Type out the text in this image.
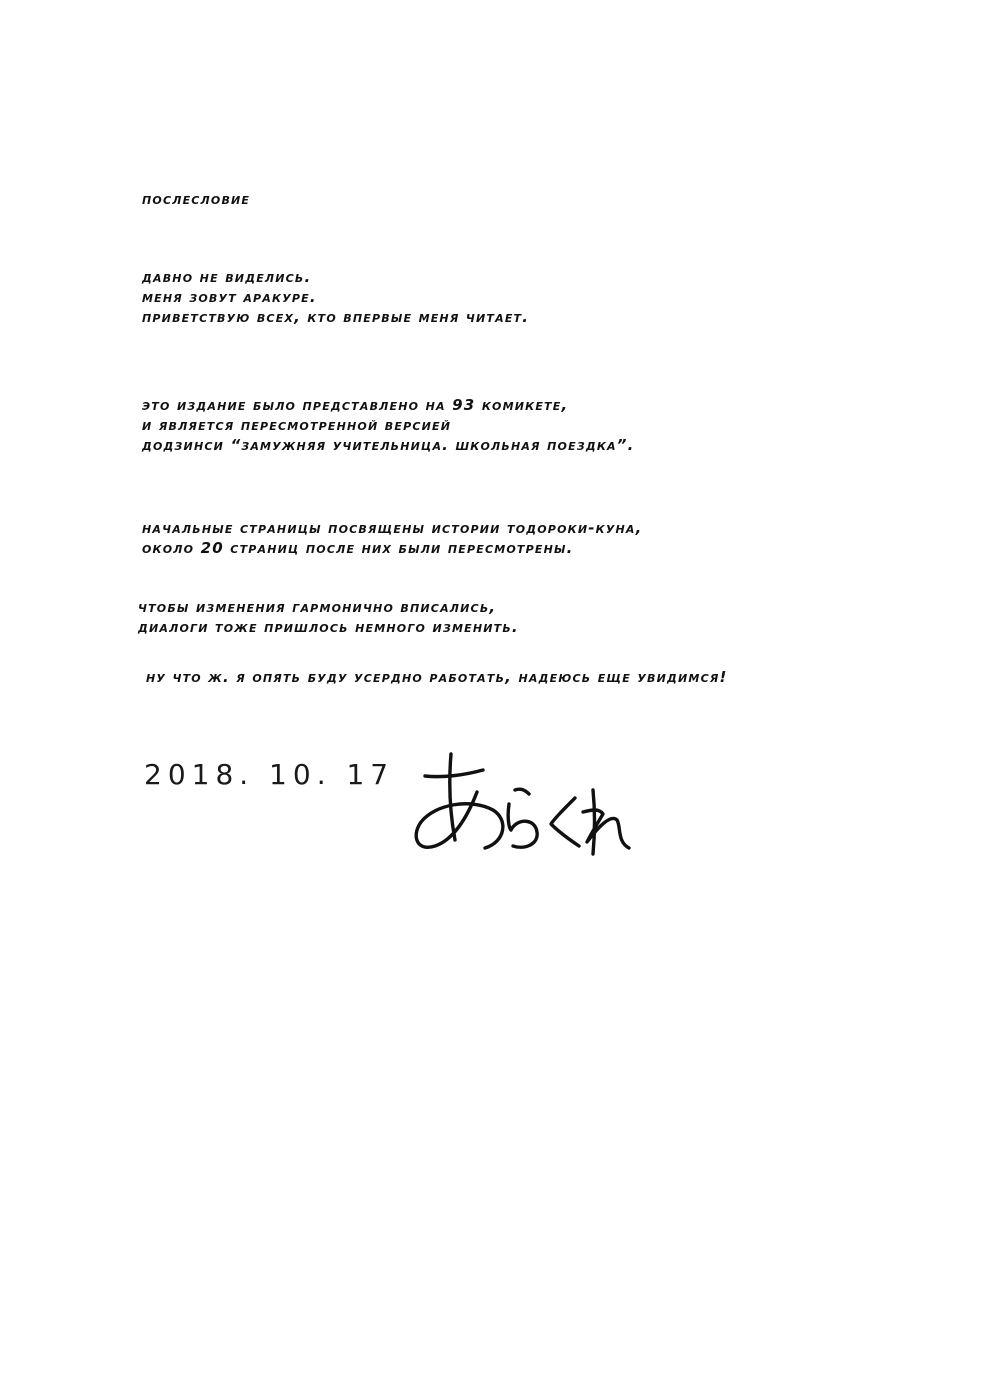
послесловие
давно не виделись.
меня зовут аракуре.
приветствую всех, кто впервые меня читает.
это издание было представлено на 93 комикете,
и является пересмотренной версией
додзинси “замужняя учительница. школьная поездка”.
начальные страницы посвящены истории тодороки-куна,
около 20 страниц после них были пересмотрены.
чтобы изменения гармонично вписались,
диалоги тоже пришлось немного изменить.
ну что ж. я опять буду усердно работать, надеюсь еще увидимся!
2018. 10. 17
